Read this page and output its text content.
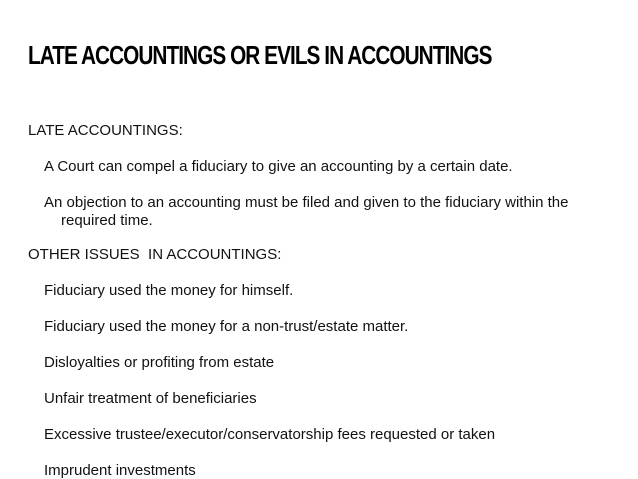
LATE ACCOUNTINGS OR EVILS IN ACCOUNTINGS

LATE ACCOUNTINGS:

A Court can compel a fiduciary to give an accounting by a certain date.

An objection to an accounting must be filed and given to the fiduciary within the required time.

OTHER ISSUES  IN ACCOUNTINGS:

Fiduciary used the money for himself.

Fiduciary used the money for a non-trust/estate matter.

Disloyalties or profiting from estate

Unfair treatment of beneficiaries

Excessive trustee/executor/conservatorship fees requested or taken

Imprudent investments
